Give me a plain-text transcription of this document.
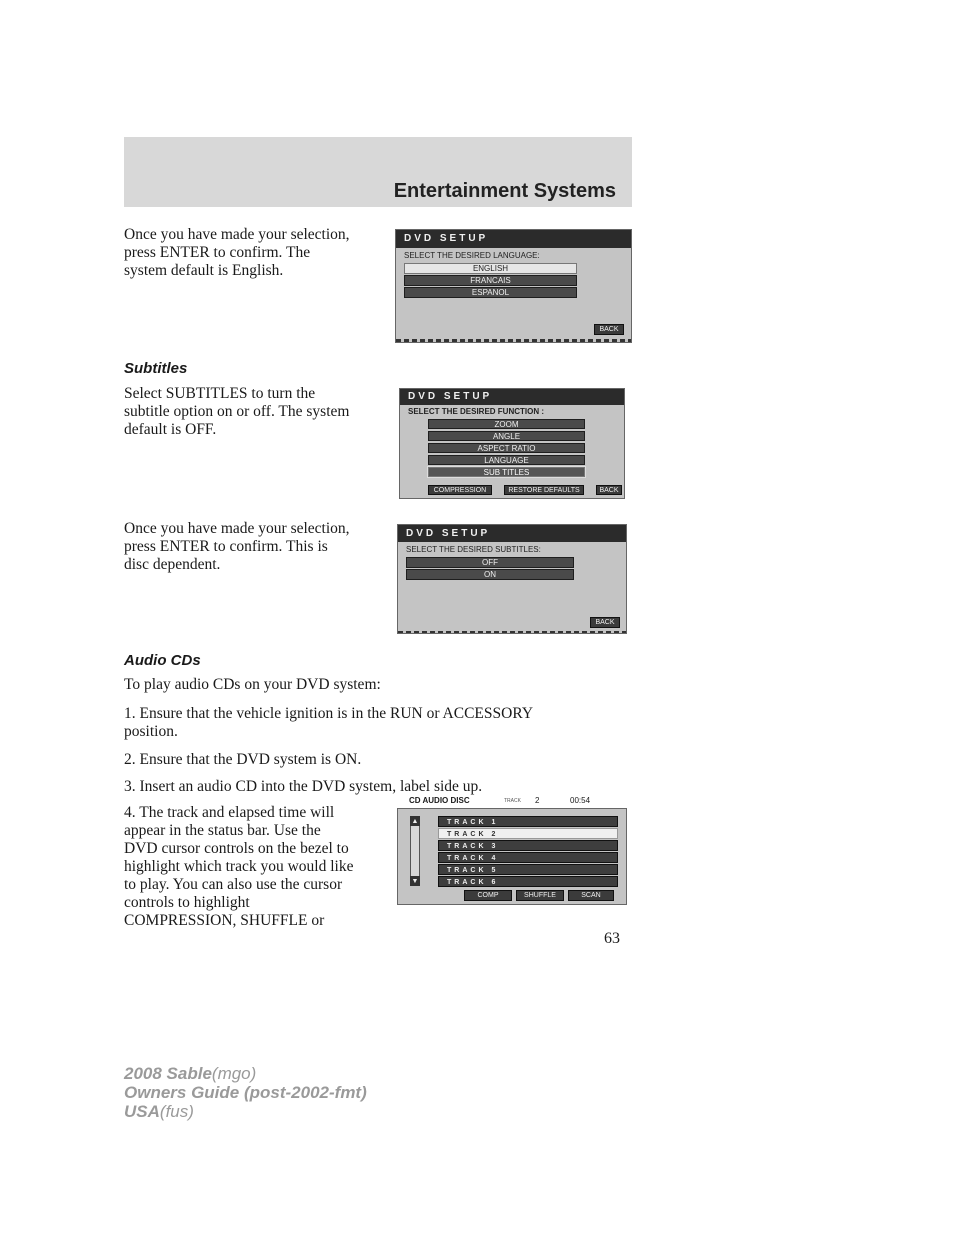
Entertainment Systems
Once you have made your selection,
press ENTER to confirm. The
system default is English.
DVD SETUP
SELECT THE DESIRED LANGUAGE:
ENGLISH
FRANCAIS
ESPANOL
BACK
Subtitles
Select SUBTITLES to turn the
subtitle option on or off. The system
default is OFF.
DVD SETUP
SELECT THE DESIRED FUNCTION :
ZOOM
ANGLE
ASPECT RATIO
LANGUAGE
SUB TITLES
COMPRESSION	RESTORE DEFAULTS	BACK
Once you have made your selection,
press ENTER to confirm. This is
disc dependent.
DVD SETUP
SELECT THE DESIRED SUBTITLES:
OFF
ON
BACK
Audio CDs
To play audio CDs on your DVD system:
1. Ensure that the vehicle ignition is in the RUN or ACCESSORY
position.
2. Ensure that the DVD system is ON.
3. Insert an audio CD into the DVD system, label side up.
4. The track and elapsed time will
appear in the status bar. Use the
DVD cursor controls on the bezel to
highlight which track you would like
to play. You can also use the cursor
controls to highlight
COMPRESSION, SHUFFLE or
CD AUDIO DISC	TRACK 2	00:54
▲
▼
TRACK 1
TRACK 2
TRACK 3
TRACK 4
TRACK 5
TRACK 6
COMP	SHUFFLE	SCAN
63
2008 Sable(mgo)
Owners Guide (post-2002-fmt)
USA(fus)
